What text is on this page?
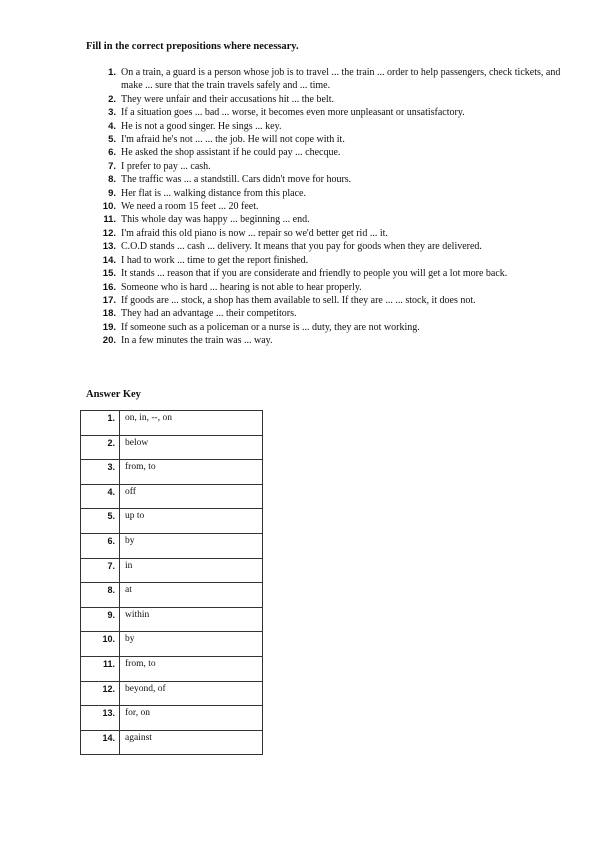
Fill in the correct prepositions where necessary.
1. On a train, a guard is a person whose job is to travel ... the train ... order to help passengers, check tickets, and make ... sure that the train travels safely and ... time.
2. They were unfair and their accusations hit ... the belt.
3. If a situation goes ... bad ... worse, it becomes even more unpleasant or unsatisfactory.
4. He is not a good singer. He sings ... key.
5. I'm afraid he's not ... ... the job. He will not cope with it.
6. He asked the shop assistant if he could pay ... checque.
7. I prefer to pay ... cash.
8. The traffic was ... a standstill. Cars didn't move for hours.
9. Her flat is ... walking distance from this place.
10. We need a room 15 feet ... 20 feet.
11. This whole day was happy ... beginning ... end.
12. I'm afraid this old piano is now ... repair so we'd better get rid ... it.
13. C.O.D stands ... cash ... delivery. It means that you pay for goods when they are delivered.
14. I had to work ... time to get the report finished.
15. It stands ... reason that if you are considerate and friendly to people you will get a lot more back.
16. Someone who is hard ... hearing is not able to hear properly.
17. If goods are ... stock, a shop has them available to sell. If they are ... ... stock, it does not.
18. They had an advantage ... their competitors.
19. If someone such as a policeman or a nurse is ... duty, they are not working.
20. In a few minutes the train was ... way.
Answer Key
1.	on, in, --, on
2.	below
3.	from, to
4.	off
5.	up to
6.	by
7.	in
8.	at
9.	within
10.	by
11.	from, to
12.	beyond, of
13.	for, on
14.	against
